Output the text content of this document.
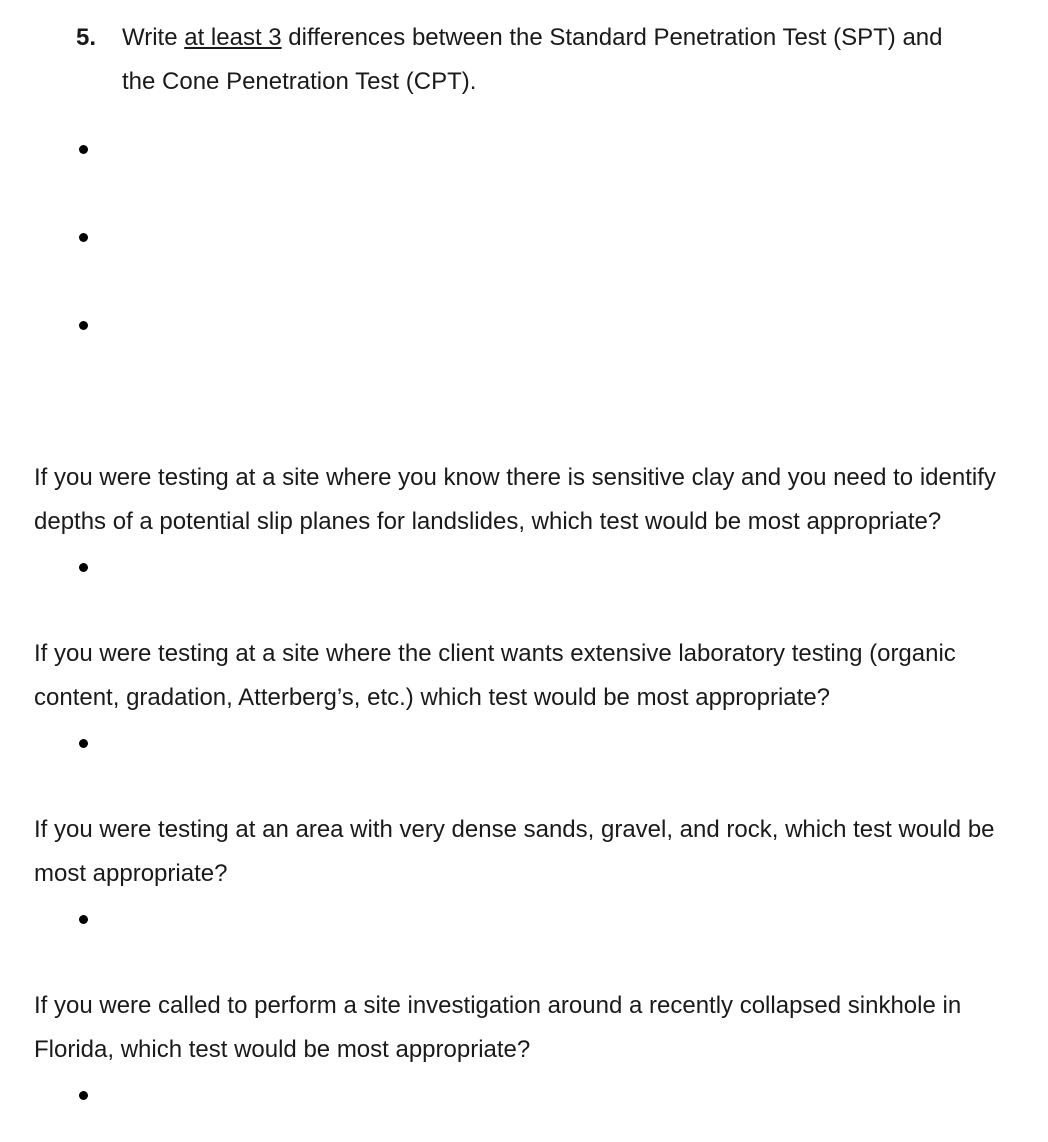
5. Write at least 3 differences between the Standard Penetration Test (SPT) and

the Cone Penetration Test (CPT).

If you were testing at a site where you know there is sensitive clay and you need to identify

depths of a potential slip planes for landslides, which test would be most appropriate?

If you were testing at a site where the client wants extensive laboratory testing (organic

content, gradation, Atterberg’s, etc.) which test would be most appropriate?

If you were testing at an area with very dense sands, gravel, and rock, which test would be

most appropriate?

If you were called to perform a site investigation around a recently collapsed sinkhole in

Florida, which test would be most appropriate?
